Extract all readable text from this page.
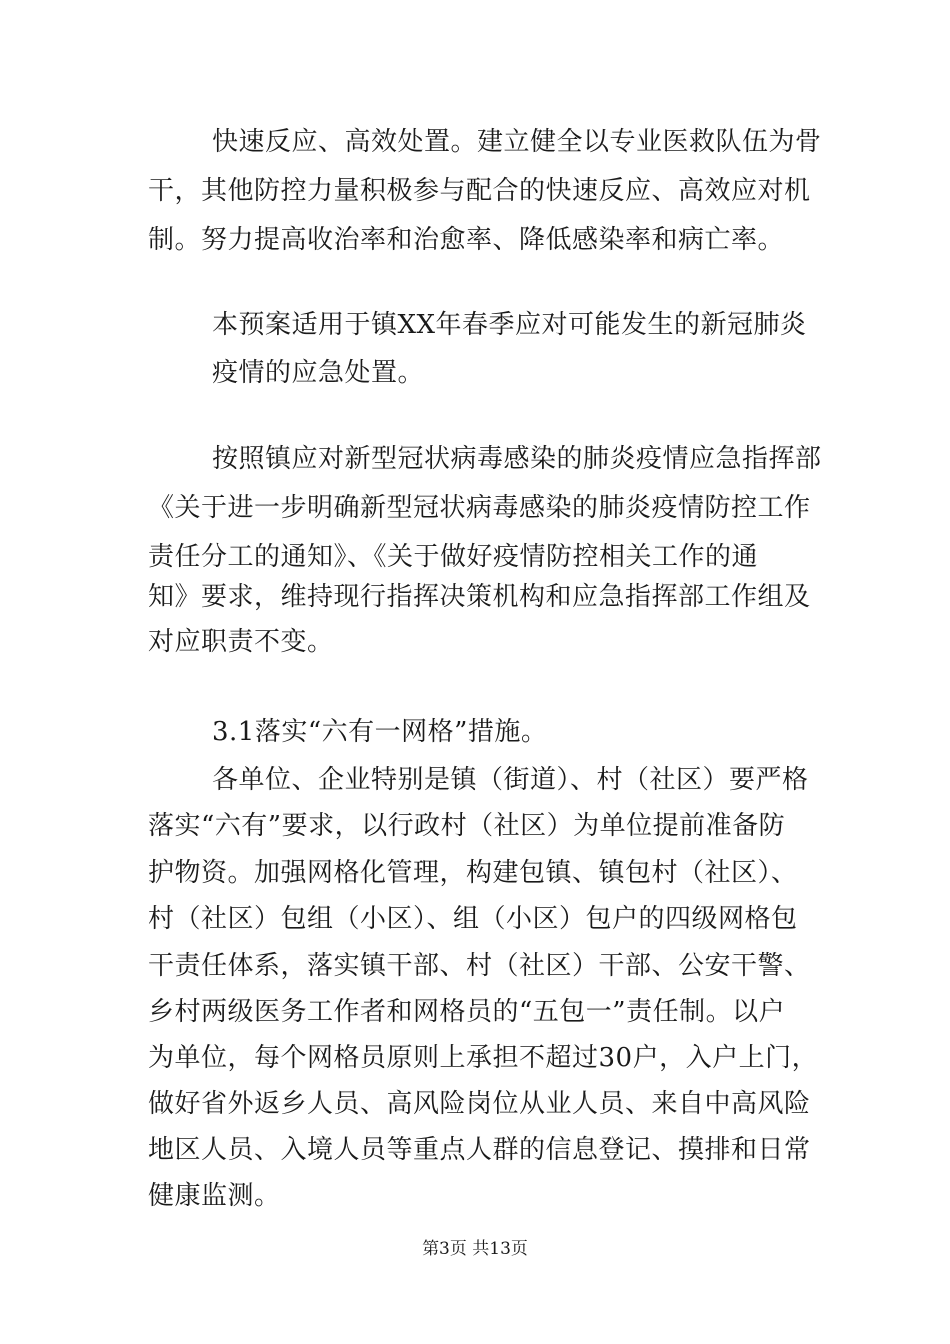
快速反应、高效处置。建立健全以专业医救队伍为骨
干，其他防控力量积极参与配合的快速反应、高效应对机
制。努力提高收治率和治愈率、降低感染率和病亡率。
本预案适用于镇XX年春季应对可能发生的新冠肺炎
疫情的应急处置。
按照镇应对新型冠状病毒感染的肺炎疫情应急指挥部
《关于进一步明确新型冠状病毒感染的肺炎疫情防控工作
责任分工的通知》、《关于做好疫情防控相关工作的通
知》要求，维持现行指挥决策机构和应急指挥部工作组及
对应职责不变。
3.1落实“六有一网格”措施。
各单位、企业特别是镇（街道）、村（社区）要严格
落实“六有”要求，以行政村（社区）为单位提前准备防
护物资。加强网格化管理，构建包镇、镇包村（社区）、
村（社区）包组（小区）、组（小区）包户的四级网格包
干责任体系，落实镇干部、村（社区）干部、公安干警、
乡村两级医务工作者和网格员的“五包一”责任制。以户
为单位，每个网格员原则上承担不超过30户，入户上门，
做好省外返乡人员、高风险岗位从业人员、来自中高风险
地区人员、入境人员等重点人群的信息登记、摸排和日常
健康监测。
第3页 共13页
